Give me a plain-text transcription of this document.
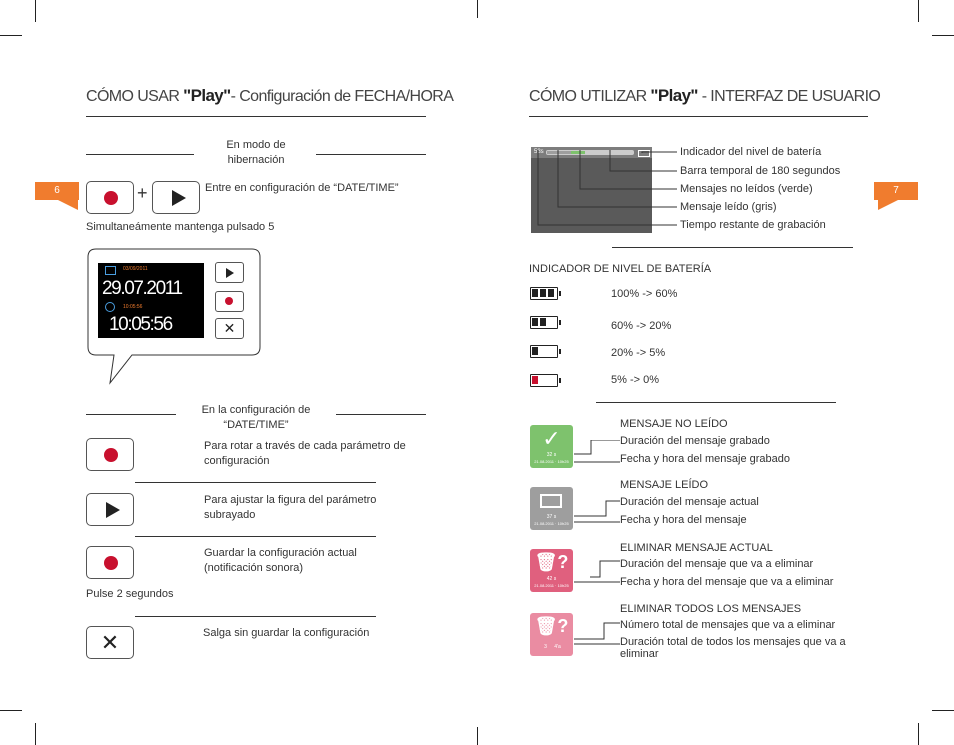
CÓMO USAR "Play"- Configuración de FECHA/HORA
6
En modo de hibernación
+	Entre en configuración de “DATE/TIME”
Simultaneámente mantenga pulsado 5
03/09/2011
29.07.2011
10:05:56
10:05:56	✕
En la configuración de “DATE/TIME”
Para rotar a través de cada parámetro de configuración
Para ajustar la figura del parámetro subrayado
Guardar la configuración actual (notificación sonora)
Pulse 2 segundos
✕	Salga sin guardar la configuración
CÓMO UTILIZAR "Play" - INTERFAZ DE USUARIO
7
58s	Indicador del nivel de batería
Barra temporal de 180 segundos
Mensajes no leídos (verde)
Mensaje leído (gris)
Tiempo restante de grabación
INDICADOR DE NIVEL DE BATERÍA
100% -> 60%
60% -> 20%
20% -> 5%
5% -> 0%
✓
32 s
21.08.2011 · 10h25
37 s
21.08.2011 · 10h25
🗑?
42 s
21.08.2011 · 10h25
🗑?
3	4'a
MENSAJE NO LEÍDO
Duración del mensaje grabado
Fecha y hora del mensaje grabado
MENSAJE LEÍDO
Duración del mensaje actual
Fecha y hora del mensaje
ELIMINAR MENSAJE ACTUAL
Duración del mensaje que va a eliminar
Fecha y hora del mensaje que va a eliminar
ELIMINAR TODOS LOS MENSAJES
Número total de mensajes que va a eliminar
Duración total de todos los mensajes que va a eliminar
